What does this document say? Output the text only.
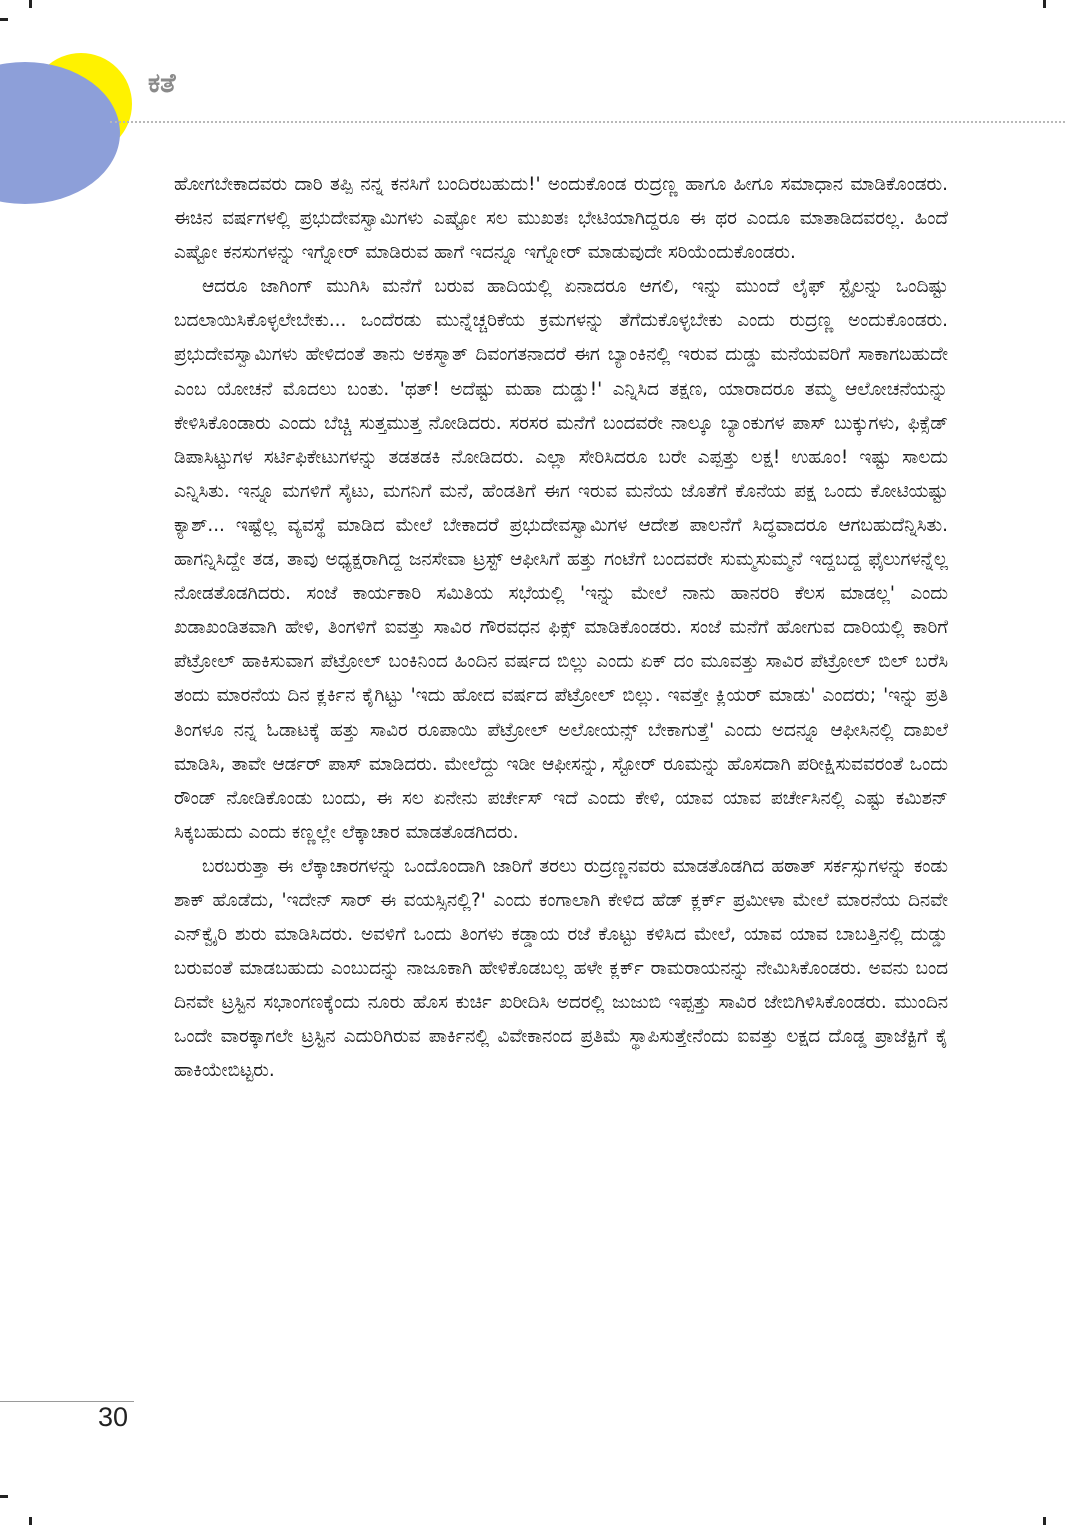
ಕತೆ

ಹೋಗಬೇಕಾದವರು ದಾರಿ ತಪ್ಪಿ ನನ್ನ ಕನಸಿಗೆ ಬಂದಿರಬಹುದು!' ಅಂದುಕೊಂಡ ರುದ್ರಣ್ಣ ಹಾಗೂ ಹೀಗೂ ಸಮಾಧಾನ ಮಾಡಿಕೊಂಡರು. ಈಚಿನ ವರ್ಷಗಳಲ್ಲಿ ಪ್ರಭುದೇವಸ್ವಾಮಿಗಳು ಎಷ್ಟೋ ಸಲ ಮುಖತಃ ಭೇಟಿಯಾಗಿದ್ದರೂ ಈ ಥರ ಎಂದೂ ಮಾತಾಡಿದವರಲ್ಲ. ಹಿಂದೆ ಎಷ್ಟೋ ಕನಸುಗಳನ್ನು ಇಗ್ನೋರ್ ಮಾಡಿರುವ ಹಾಗೆ ಇದನ್ನೂ ಇಗ್ನೋರ್ ಮಾಡುವುದೇ ಸರಿಯೆಂದುಕೊಂಡರು.

ಆದರೂ ಜಾಗಿಂಗ್ ಮುಗಿಸಿ ಮನೆಗೆ ಬರುವ ಹಾದಿಯಲ್ಲಿ ಏನಾದರೂ ಆಗಲಿ, ಇನ್ನು ಮುಂದೆ ಲೈಫ್ ಸ್ಟೈಲನ್ನು ಒಂದಿಷ್ಟು ಬದಲಾಯಿಸಿಕೊಳ್ಳಲೇಬೇಕು... ಒಂದೆರಡು ಮುನ್ನೆಚ್ಚರಿಕೆಯ ಕ್ರಮಗಳನ್ನು ತೆಗೆದುಕೊಳ್ಳಬೇಕು ಎಂದು ರುದ್ರಣ್ಣ ಅಂದುಕೊಂಡರು. ಪ್ರಭುದೇವಸ್ವಾಮಿಗಳು ಹೇಳಿದಂತೆ ತಾನು ಅಕಸ್ಮಾತ್ ದಿವಂಗತನಾದರೆ ಈಗ ಬ್ಯಾಂಕಿನಲ್ಲಿ ಇರುವ ದುಡ್ಡು ಮನೆಯವರಿಗೆ ಸಾಕಾಗಬಹುದೇ ಎಂಬ ಯೋಚನೆ ಮೊದಲು ಬಂತು. 'ಥತ್! ಅದೆಷ್ಟು ಮಹಾ ದುಡ್ಡು!' ಎನ್ನಿಸಿದ ತಕ್ಷಣ, ಯಾರಾದರೂ ತಮ್ಮ ಆಲೋಚನೆಯನ್ನು ಕೇಳಿಸಿಕೊಂಡಾರು ಎಂದು ಬೆಚ್ಚಿ ಸುತ್ತಮುತ್ತ ನೋಡಿದರು. ಸರಸರ ಮನೆಗೆ ಬಂದವರೇ ನಾಲ್ಕೂ ಬ್ಯಾಂಕುಗಳ ಪಾಸ್ ಬುಕ್ಕುಗಳು, ಫಿಕ್ಸೆಡ್ ಡಿಪಾಸಿಟ್ಟುಗಳ ಸರ್ಟಿಫಿಕೇಟುಗಳನ್ನು ತಡತಡಕಿ ನೋಡಿದರು. ಎಲ್ಲಾ ಸೇರಿಸಿದರೂ ಬರೇ ಎಪ್ಪತ್ತು ಲಕ್ಷ! ಉಹೂಂ! ಇಷ್ಟು ಸಾಲದು ಎನ್ನಿಸಿತು. ಇನ್ನೂ ಮಗಳಿಗೆ ಸೈಟು, ಮಗನಿಗೆ ಮನೆ, ಹೆಂಡತಿಗೆ ಈಗ ಇರುವ ಮನೆಯ ಜೊತೆಗೆ ಕೊನೆಯ ಪಕ್ಷ ಒಂದು ಕೋಟಿಯಷ್ಟು ಕ್ಯಾಶ್... ಇಷ್ಟೆಲ್ಲ ವ್ಯವಸ್ಥೆ ಮಾಡಿದ ಮೇಲೆ ಬೇಕಾದರೆ ಪ್ರಭುದೇವಸ್ವಾಮಿಗಳ ಆದೇಶ ಪಾಲನೆಗೆ ಸಿದ್ಧವಾದರೂ ಆಗಬಹುದೆನ್ನಿಸಿತು. ಹಾಗನ್ನಿಸಿದ್ದೇ ತಡ, ತಾವು ಅಧ್ಯಕ್ಷರಾಗಿದ್ದ ಜನಸೇವಾ ಟ್ರಸ್ಟ್ ಆಫೀಸಿಗೆ ಹತ್ತು ಗಂಟೆಗೆ ಬಂದವರೇ ಸುಮ್ಮಸುಮ್ಮನೆ ಇದ್ದಬದ್ದ ಫೈಲುಗಳನ್ನೆಲ್ಲ ನೋಡತೊಡಗಿದರು. ಸಂಜೆ ಕಾರ್ಯಕಾರಿ ಸಮಿತಿಯ ಸಭೆಯಲ್ಲಿ 'ಇನ್ನು ಮೇಲೆ ನಾನು ಹಾನರರಿ ಕೆಲಸ ಮಾಡಲ್ಲ' ಎಂದು ಖಡಾಖಂಡಿತವಾಗಿ ಹೇಳಿ, ತಿಂಗಳಿಗೆ ಐವತ್ತು ಸಾವಿರ ಗೌರವಧನ ಫಿಕ್ಸ್ ಮಾಡಿಕೊಂಡರು. ಸಂಜೆ ಮನೆಗೆ ಹೋಗುವ ದಾರಿಯಲ್ಲಿ ಕಾರಿಗೆ ಪೆಟ್ರೋಲ್ ಹಾಕಿಸುವಾಗ ಪೆಟ್ರೋಲ್ ಬಂಕಿನಿಂದ ಹಿಂದಿನ ವರ್ಷದ ಬಿಲ್ಲು ಎಂದು ಏಕ್ ದಂ ಮೂವತ್ತು ಸಾವಿರ ಪೆಟ್ರೋಲ್ ಬಿಲ್ ಬರೆಸಿ ತಂದು ಮಾರನೆಯ ದಿನ ಕ್ಲರ್ಕಿನ ಕೈಗಿಟ್ಟು 'ಇದು ಹೋದ ವರ್ಷದ ಪೆಟ್ರೋಲ್ ಬಿಲ್ಲು. ಇವತ್ತೇ ಕ್ಲಿಯರ್ ಮಾಡು' ಎಂದರು; 'ಇನ್ನು ಪ್ರತಿ ತಿಂಗಳೂ ನನ್ನ ಓಡಾಟಕ್ಕೆ ಹತ್ತು ಸಾವಿರ ರೂಪಾಯಿ ಪೆಟ್ರೋಲ್ ಅಲೋಯನ್ಸ್ ಬೇಕಾಗುತ್ತೆ' ಎಂದು ಅದನ್ನೂ ಆಫೀಸಿನಲ್ಲಿ ದಾಖಲೆ ಮಾಡಿಸಿ, ತಾವೇ ಆರ್ಡರ್ ಪಾಸ್ ಮಾಡಿದರು. ಮೇಲೆದ್ದು ಇಡೀ ಆಫೀಸನ್ನು, ಸ್ಟೋರ್ ರೂಮನ್ನು ಹೊಸದಾಗಿ ಪರೀಕ್ಷಿಸುವವರಂತೆ ಒಂದು ರೌಂಡ್ ನೋಡಿಕೊಂಡು ಬಂದು, ಈ ಸಲ ಏನೇನು ಪರ್ಚೇಸ್ ಇದೆ ಎಂದು ಕೇಳಿ, ಯಾವ ಯಾವ ಪರ್ಚೇಸಿನಲ್ಲಿ ಎಷ್ಟು ಕಮಿಶನ್ ಸಿಕ್ಕಬಹುದು ಎಂದು ಕಣ್ಣಲ್ಲೇ ಲೆಕ್ಕಾಚಾರ ಮಾಡತೊಡಗಿದರು.

ಬರಬರುತ್ತಾ ಈ ಲೆಕ್ಕಾಚಾರಗಳನ್ನು ಒಂದೊಂದಾಗಿ ಜಾರಿಗೆ ತರಲು ರುದ್ರಣ್ಣನವರು ಮಾಡತೊಡಗಿದ ಹಠಾತ್ ಸರ್ಕಸ್ಸುಗಳನ್ನು ಕಂಡು ಶಾಕ್ ಹೊಡೆದು, 'ಇದೇನ್ ಸಾರ್ ಈ ವಯಸ್ಸಿನಲ್ಲಿ?' ಎಂದು ಕಂಗಾಲಾಗಿ ಕೇಳಿದ ಹೆಡ್ ಕ್ಲರ್ಕ್ ಪ್ರಮೀಳಾ ಮೇಲೆ ಮಾರನೆಯ ದಿನವೇ ಎನ್‌ಕ್ವೈರಿ ಶುರು ಮಾಡಿಸಿದರು. ಅವಳಿಗೆ ಒಂದು ತಿಂಗಳು ಕಡ್ಡಾಯ ರಜೆ ಕೊಟ್ಟು ಕಳಿಸಿದ ಮೇಲೆ, ಯಾವ ಯಾವ ಬಾಬತ್ತಿನಲ್ಲಿ ದುಡ್ಡು ಬರುವಂತೆ ಮಾಡಬಹುದು ಎಂಬುದನ್ನು ನಾಜೂಕಾಗಿ ಹೇಳಿಕೊಡಬಲ್ಲ ಹಳೇ ಕ್ಲರ್ಕ್ ರಾಮರಾಯನನ್ನು ನೇಮಿಸಿಕೊಂಡರು. ಅವನು ಬಂದ ದಿನವೇ ಟ್ರಸ್ಟಿನ ಸಭಾಂಗಣಕ್ಕೆಂದು ನೂರು ಹೊಸ ಕುರ್ಚಿ ಖರೀದಿಸಿ ಅದರಲ್ಲಿ ಜುಜುಬಿ ಇಪ್ಪತ್ತು ಸಾವಿರ ಜೇಬಿಗಿಳಿಸಿಕೊಂಡರು. ಮುಂದಿನ ಒಂದೇ ವಾರಕ್ಕಾಗಲೇ ಟ್ರಸ್ಟಿನ ಎದುರಿಗಿರುವ ಪಾರ್ಕಿನಲ್ಲಿ ವಿವೇಕಾನಂದ ಪ್ರತಿಮೆ ಸ್ಥಾಪಿಸುತ್ತೇನೆಂದು ಐವತ್ತು ಲಕ್ಷದ ದೊಡ್ಡ ಪ್ರಾಜೆಕ್ಟಿಗೆ ಕೈ ಹಾಕಿಯೇಬಿಟ್ಟರು.

30
